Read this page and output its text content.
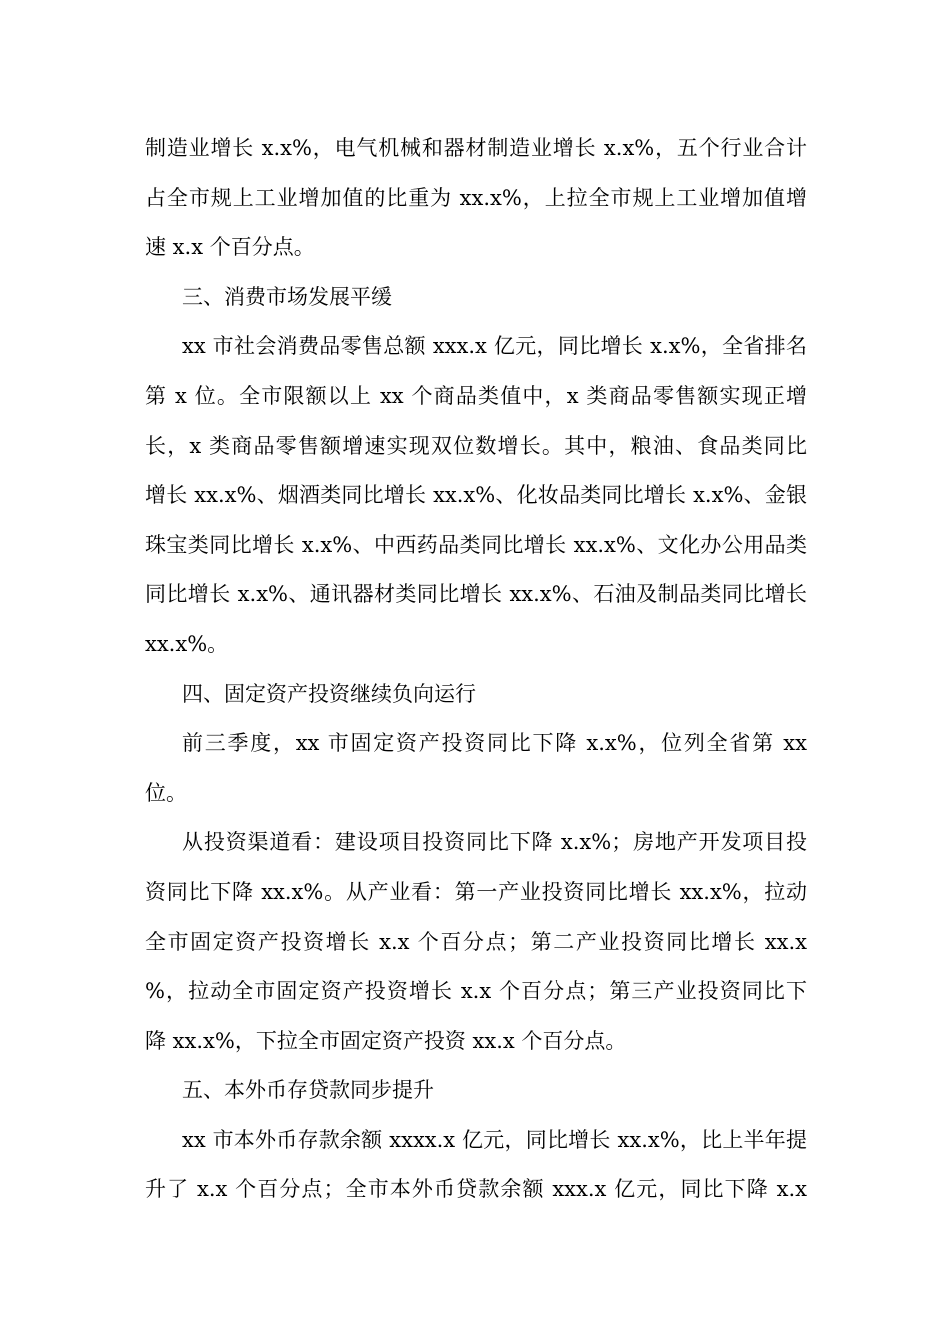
制造业增长 x.x%，电气机械和器材制造业增长 x.x%，五个行业合计
占全市规上工业增加值的比重为 xx.x%，上拉全市规上工业增加值增
速 x.x 个百分点。
三、消费市场发展平缓
xx 市社会消费品零售总额 xxx.x 亿元，同比增长 x.x%，全省排名
第 x 位。全市限额以上 xx 个商品类值中，x 类商品零售额实现正增
长，x 类商品零售额增速实现双位数增长。其中，粮油、食品类同比
增长 xx.x%、烟酒类同比增长 xx.x%、化妆品类同比增长 x.x%、金银
珠宝类同比增长 x.x%、中西药品类同比增长 xx.x%、文化办公用品类
同比增长 x.x%、通讯器材类同比增长 xx.x%、石油及制品类同比增长
xx.x%。
四、固定资产投资继续负向运行
前三季度，xx 市固定资产投资同比下降 x.x%，位列全省第 xx
位。
从投资渠道看：建设项目投资同比下降 x.x%；房地产开发项目投
资同比下降 xx.x%。从产业看：第一产业投资同比增长 xx.x%，拉动
全市固定资产投资增长 x.x 个百分点；第二产业投资同比增长 xx.x
%，拉动全市固定资产投资增长 x.x 个百分点；第三产业投资同比下
降 xx.x%，下拉全市固定资产投资 xx.x 个百分点。
五、本外币存贷款同步提升
xx 市本外币存款余额 xxxx.x 亿元，同比增长 xx.x%，比上半年提
升了 x.x 个百分点；全市本外币贷款余额 xxx.x 亿元，同比下降 x.x
